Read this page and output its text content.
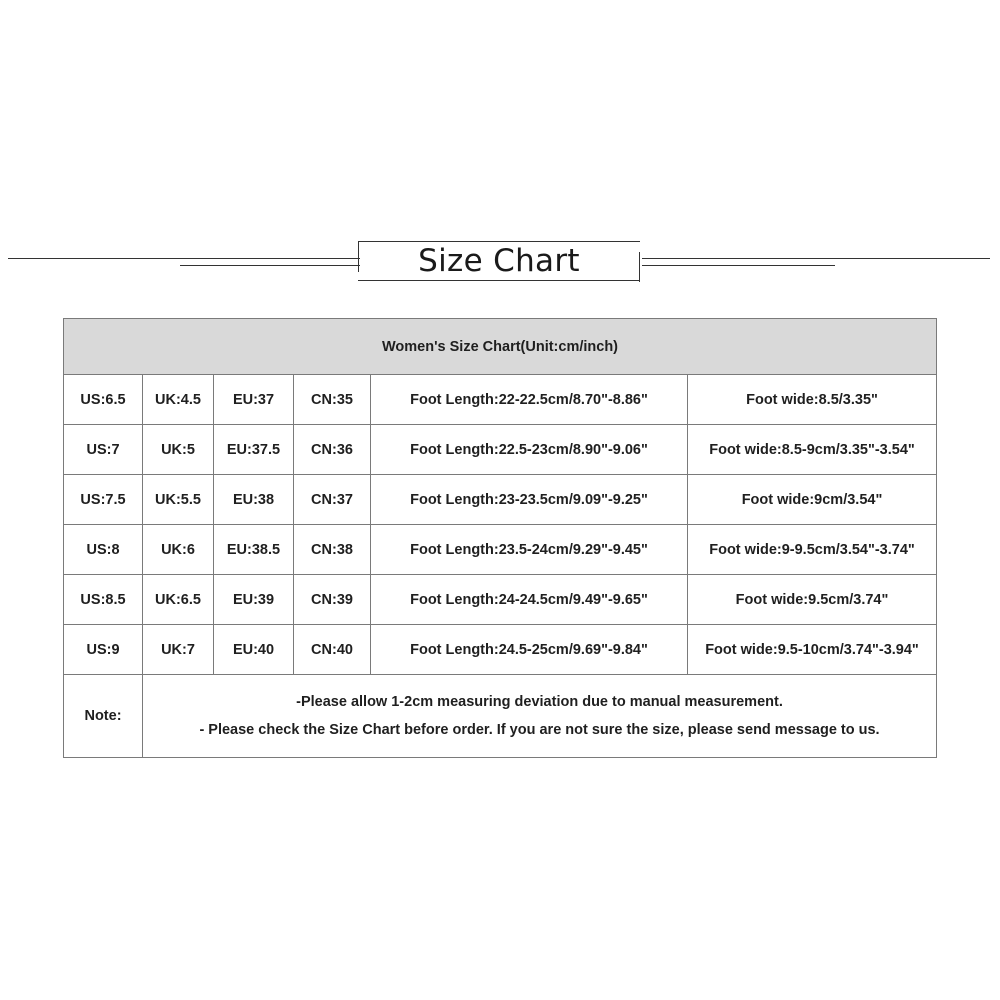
Size Chart
Women's Size Chart(Unit:cm/inch)					
US:6.5	UK:4.5	EU:37	CN:35	Foot Length:22-22.5cm/8.70"-8.86"	Foot wide:8.5/3.35"
US:7	UK:5	EU:37.5	CN:36	Foot Length:22.5-23cm/8.90"-9.06"	Foot wide:8.5-9cm/3.35"-3.54"
US:7.5	UK:5.5	EU:38	CN:37	Foot Length:23-23.5cm/9.09"-9.25"	Foot wide:9cm/3.54"
US:8	UK:6	EU:38.5	CN:38	Foot Length:23.5-24cm/9.29"-9.45"	Foot wide:9-9.5cm/3.54"-3.74"
US:8.5	UK:6.5	EU:39	CN:39	Foot Length:24-24.5cm/9.49"-9.65"	Foot wide:9.5cm/3.74"
US:9	UK:7	EU:40	CN:40	Foot Length:24.5-25cm/9.69"-9.84"	Foot wide:9.5-10cm/3.74"-3.94"
Note:	-Please allow 1-2cm measuring deviation due to manual measurement.
- Please check the Size Chart before order. If you are not sure the size, please send message to us.				
